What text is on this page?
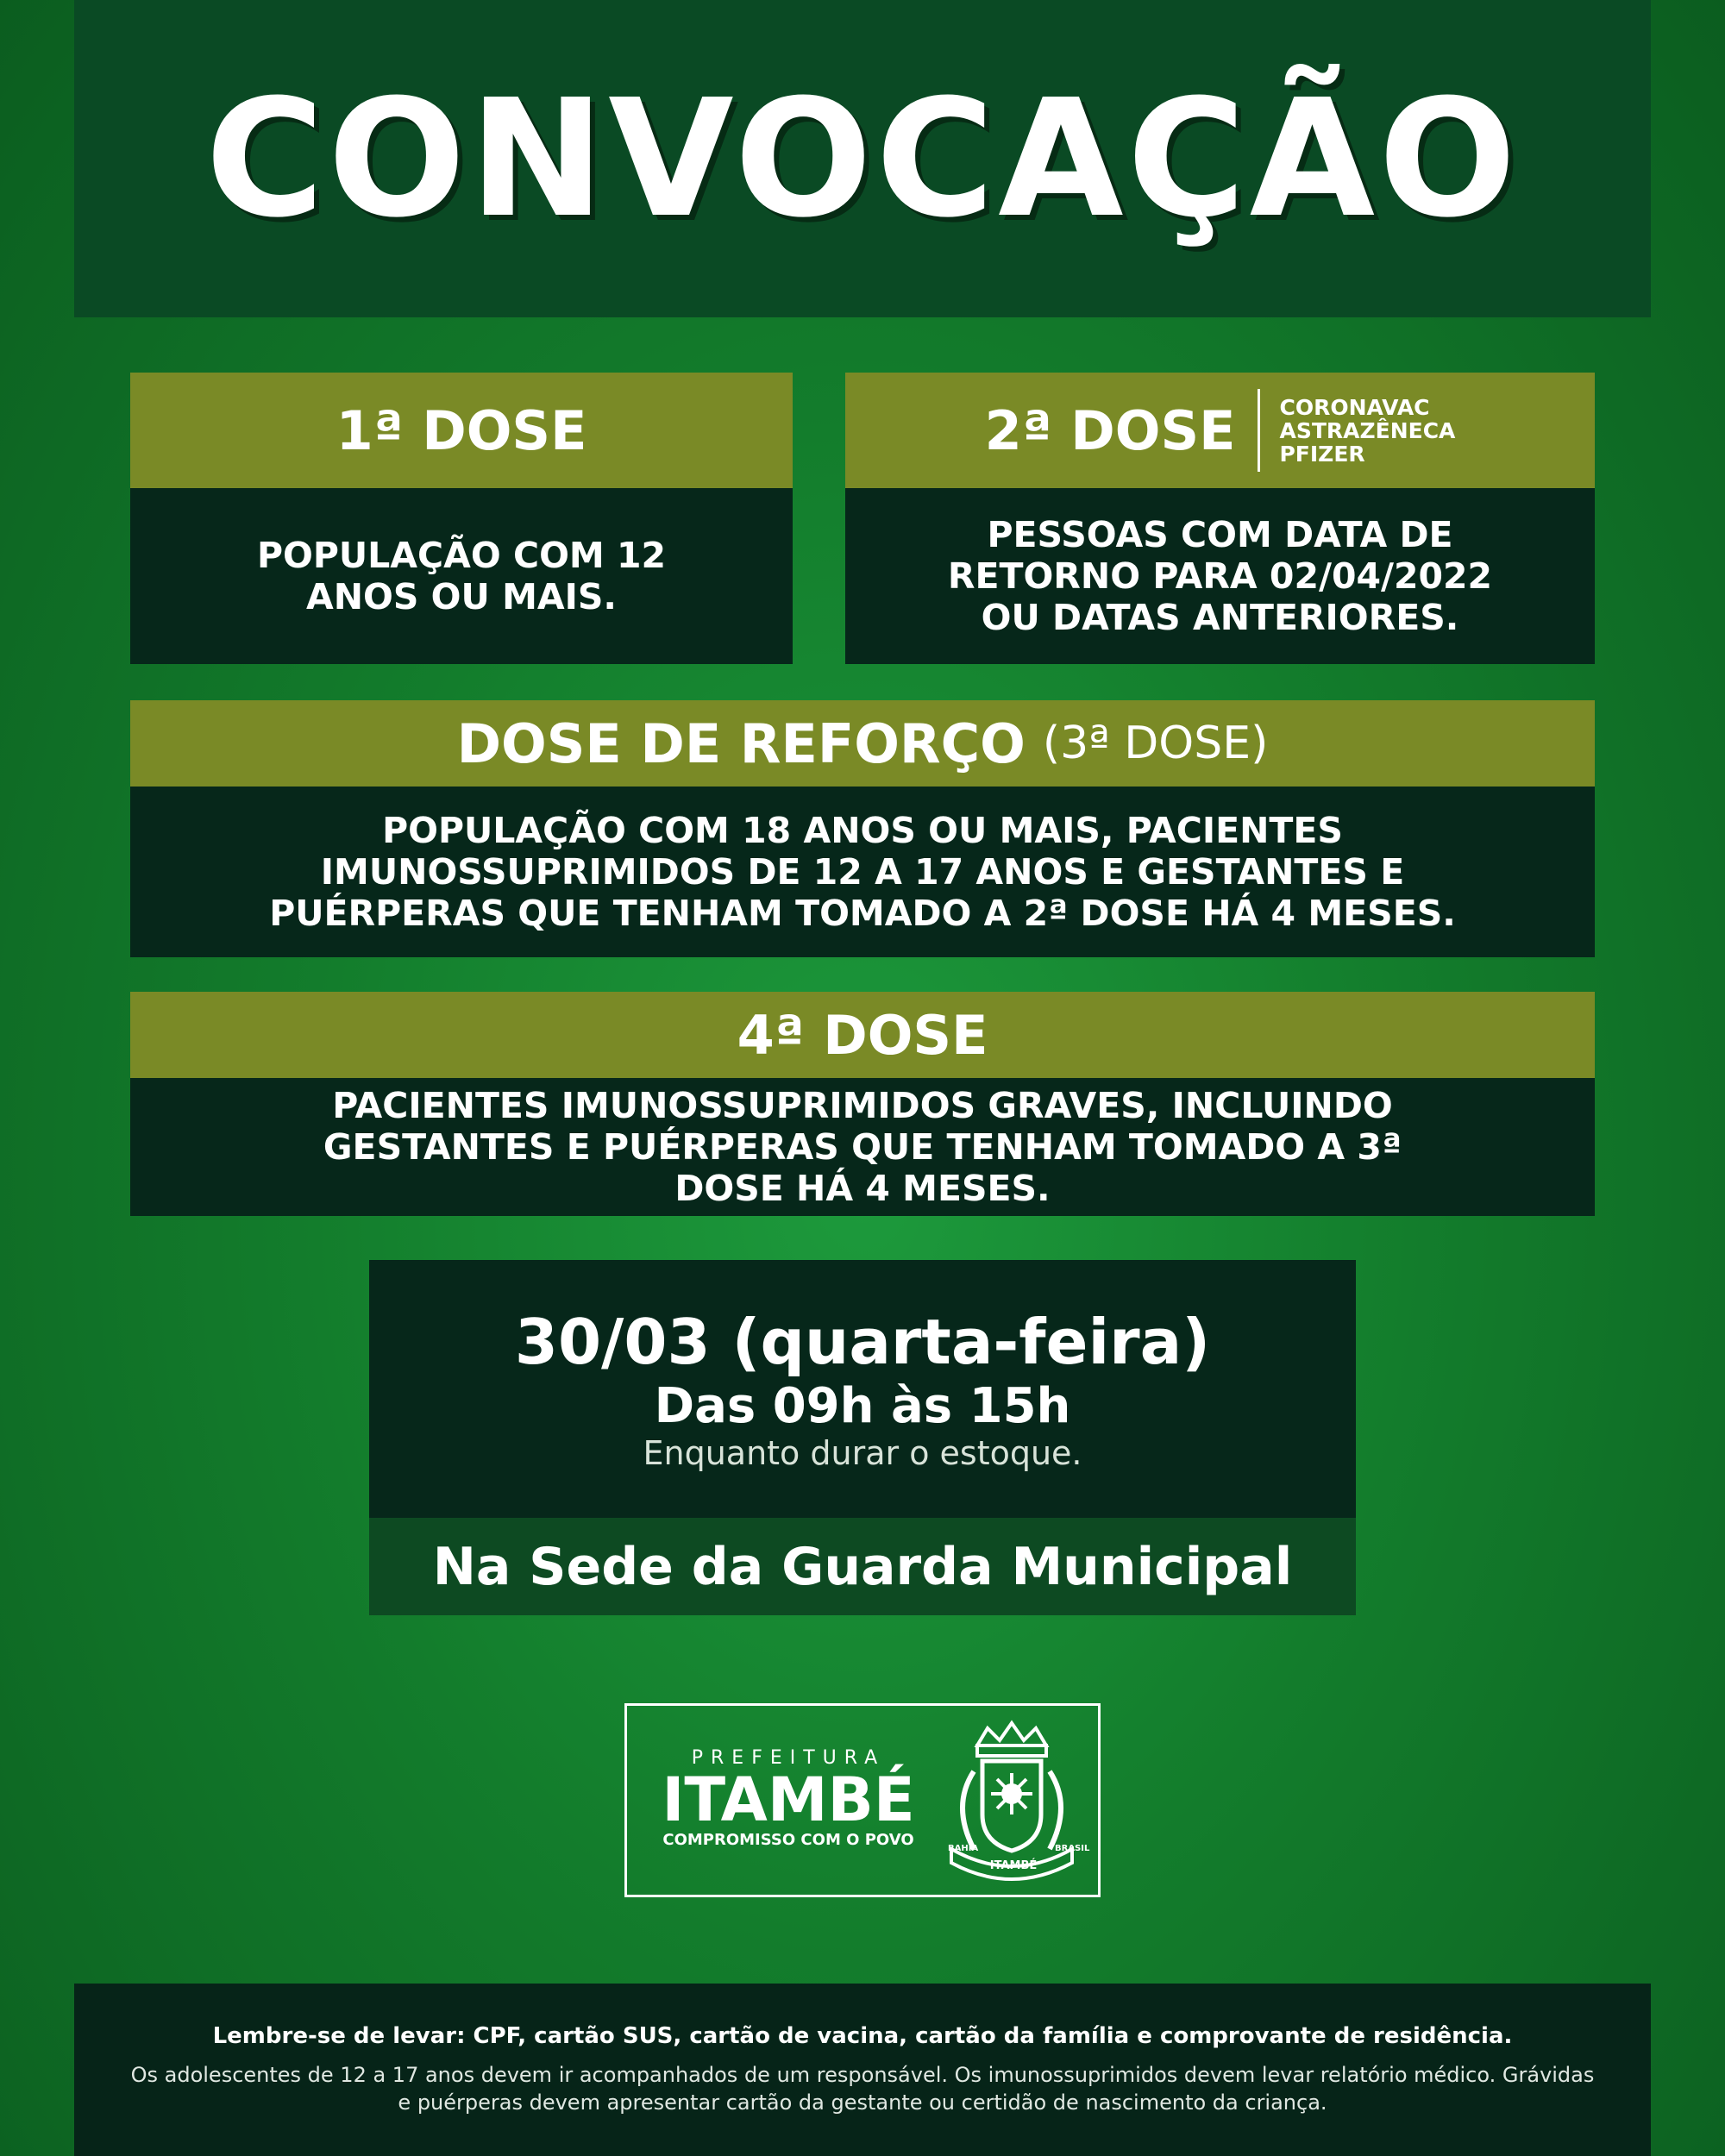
CONVOCAÇÃO
1ª DOSE
POPULAÇÃO COM 12 ANOS OU MAIS.
2ª DOSE	CORONAVAC
ASTRAZÊNECA
PFIZER
PESSOAS COM DATA DE RETORNO PARA 02/04/2022 OU DATAS ANTERIORES.
DOSE DE REFORÇO (3ª DOSE)
POPULAÇÃO COM 18 ANOS OU MAIS, PACIENTES IMUNOSSUPRIMIDOS DE 12 A 17 ANOS E GESTANTES E PUÉRPERAS QUE TENHAM TOMADO A 2ª DOSE HÁ 4 MESES.
4ª DOSE
PACIENTES IMUNOSSUPRIMIDOS GRAVES, INCLUINDO GESTANTES E PUÉRPERAS QUE TENHAM TOMADO A 3ª DOSE HÁ 4 MESES.
30/03 (quarta-feira)
Das 09h às 15h
Enquanto durar o estoque.
Na Sede da Guarda Municipal
PREFEITURA
ITAMBÉ
COMPROMISSO COM O POVO
ITAMBÉ
BAHIA	BRASIL
Lembre-se de levar: CPF, cartão SUS, cartão de vacina, cartão da família e comprovante de residência.
Os adolescentes de 12 a 17 anos devem ir acompanhados de um responsável. Os imunossuprimidos devem levar relatório médico. Grávidas e puérperas devem apresentar cartão da gestante ou certidão de nascimento da criança.
